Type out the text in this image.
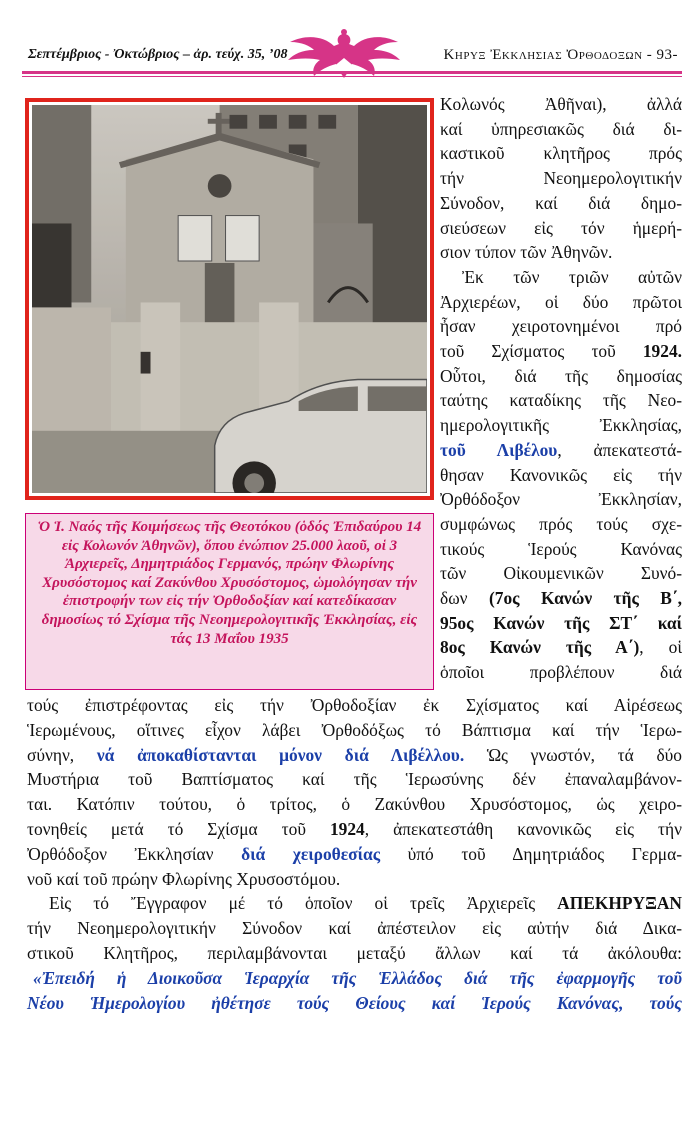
Σεπτέμβριος - Ὀκτώβριος – ἀρ. τεύχ. 35, ’08	Κηρυξ Ἐκκλησιας Ὀρθοδοξων - 93-
Ὁ Ἱ. Ναός τῆς Κοιμήσεως τῆς Θεοτόκου (ὁδός Ἐπιδαύρου 14 εἰς Κολωνόν Ἀθηνῶν), ὅπου ἐνώπιον 25.000 λαοῦ, οἱ 3 Ἀρχιερεῖς, Δημητριάδος Γερμανός, πρώην Φλωρίνης Χρυσόστομος καί Ζακύνθου Χρυσόστομος, ὡμολόγησαν τήν ἐπιστροφήν των εἰς τήν Ὀρθοδοξίαν καί κατεδίκασαν δημοσίως τό Σχίσμα τῆς Νεοημερολογιτικῆς Ἐκκλησίας, εἰς τάς 13 Μαΐου 1935

Κολωνός Ἀθῆναι), ἀλλά

καί ὑπηρεσιακῶς διά δι-

καστικοῦ κλητῆρος πρός

τήν Νεοημερολογιτικήν

Σύνοδον, καί διά δημο-

σιεύσεων εἰς τόν ἡμερή-

σιον τύπον τῶν Ἀθηνῶν.

Ἐκ τῶν τριῶν αὐτῶν

Ἀρχιερέων, οἱ δύο πρῶτοι

ἦσαν χειροτονημένοι πρό

τοῦ Σχίσματος τοῦ 1924.

Οὗτοι, διά τῆς δημοσίας

ταύτης καταδίκης τῆς Νεο-

ημερολογιτικῆς Ἐκκλησίας,

τοῦ Λιβέλου, ἀπεκατεστά-

θησαν Κανονικῶς εἰς τήν

Ὀρθόδοξον Ἐκκλησίαν,

συμφώνως πρός τούς σχε-

τικούς Ἱερούς Κανόνας

τῶν Οἰκουμενικῶν Συνό-

δων (7ος Κανών τῆς Β΄,

95ος Κανών τῆς ΣΤ΄ καί

8ος Κανών τῆς Α΄), οἱ

ὁποῖοι προβλέπουν διά

τούς ἐπιστρέφοντας εἰς τήν Ὀρθοδοξίαν ἐκ Σχίσματος καί Αἱρέσεως

Ἱερωμένους, οἵτινες εἶχον λάβει Ὀρθοδόξως τό Βάπτισμα καί τήν Ἱερω-

σύνην, νά ἀποκαθίστανται μόνον διά Λιβέλλου. Ὡς γνωστόν, τά δύο

Μυστήρια τοῦ Βαπτίσματος καί τῆς Ἱερωσύνης δέν ἐπαναλαμβάνον-

ται. Κατόπιν τούτου, ὁ τρίτος, ὁ Ζακύνθου Χρυσόστομος, ὡς χειρο-

τονηθείς μετά τό Σχίσμα τοῦ 1924, ἀπεκατεστάθη κανονικῶς εἰς τήν

Ὀρθόδοξον Ἐκκλησίαν διά χειροθεσίας ὑπό τοῦ Δημητριάδος Γερμα-

νοῦ καί τοῦ πρώην Φλωρίνης Χρυσοστόμου.

Εἰς τό Ἔγγραφον μέ τό ὁποῖον οἱ τρεῖς Ἀρχιερεῖς ΑΠΕΚΗΡΥΞΑΝ

τήν Νεοημερολογιτικήν Σύνοδον καί ἀπέστειλον εἰς αὐτήν διά Δικα-

στικοῦ Κλητῆρος, περιλαμβάνονται μεταξύ ἄλλων καί τά ἀκόλουθα:

«Ἐπειδή ἡ Διοικοῦσα Ἱεραρχία τῆς Ἑλλάδος διά τῆς ἐφαρμογῆς τοῦ

Νέου Ἡμερολογίου ἠθέτησε τούς Θείους καί Ἱερούς Κανόνας, τούς
